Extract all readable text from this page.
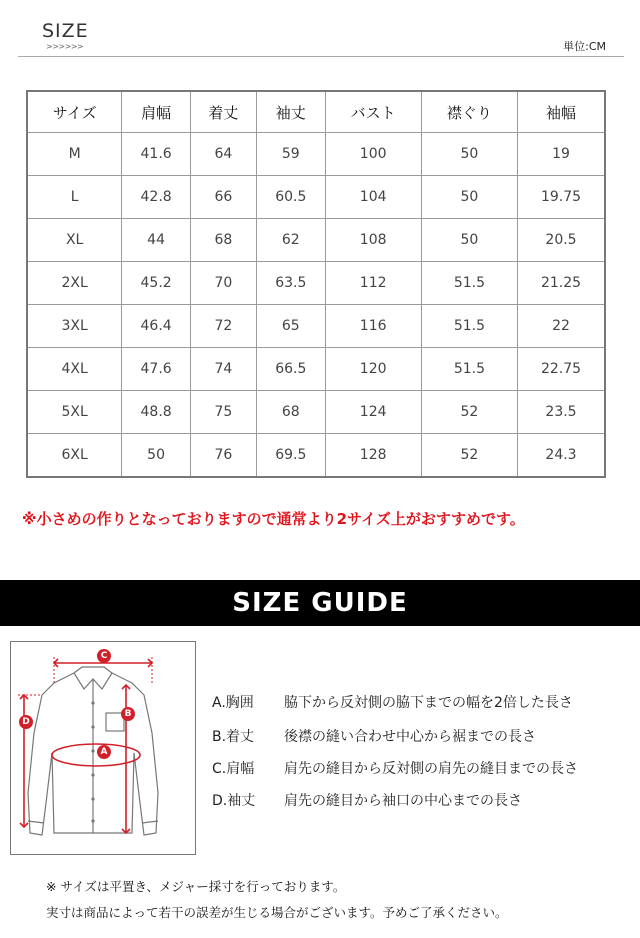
SIZE
>>>>>>	単位:CM
サイズ	肩幅	着丈	袖丈	バスト	襟ぐり	袖幅
M	41.6	64	59	100	50	19
L	42.8	66	60.5	104	50	19.75
XL	44	68	62	108	50	20.5
2XL	45.2	70	63.5	112	51.5	21.25
3XL	46.4	72	65	116	51.5	22
4XL	47.6	74	66.5	120	51.5	22.75
5XL	48.8	75	68	124	52	23.5
6XL	50	76	69.5	128	52	24.3
※小さめの作りとなっておりますので通常より2サイズ上がおすすめです。
SIZE GUIDE
C
B
A
D
A.胸囲 脇下から反対側の脇下までの幅を2倍した長さ
B.着丈 後襟の縫い合わせ中心から裾までの長さ
C.肩幅 肩先の縫目から反対側の肩先の縫目までの長さ
D.袖丈 肩先の縫目から袖口の中心までの長さ
※ サイズは平置き、メジャー採寸を行っております。
実寸は商品によって若干の誤差が生じる場合がございます。予めご了承ください。
